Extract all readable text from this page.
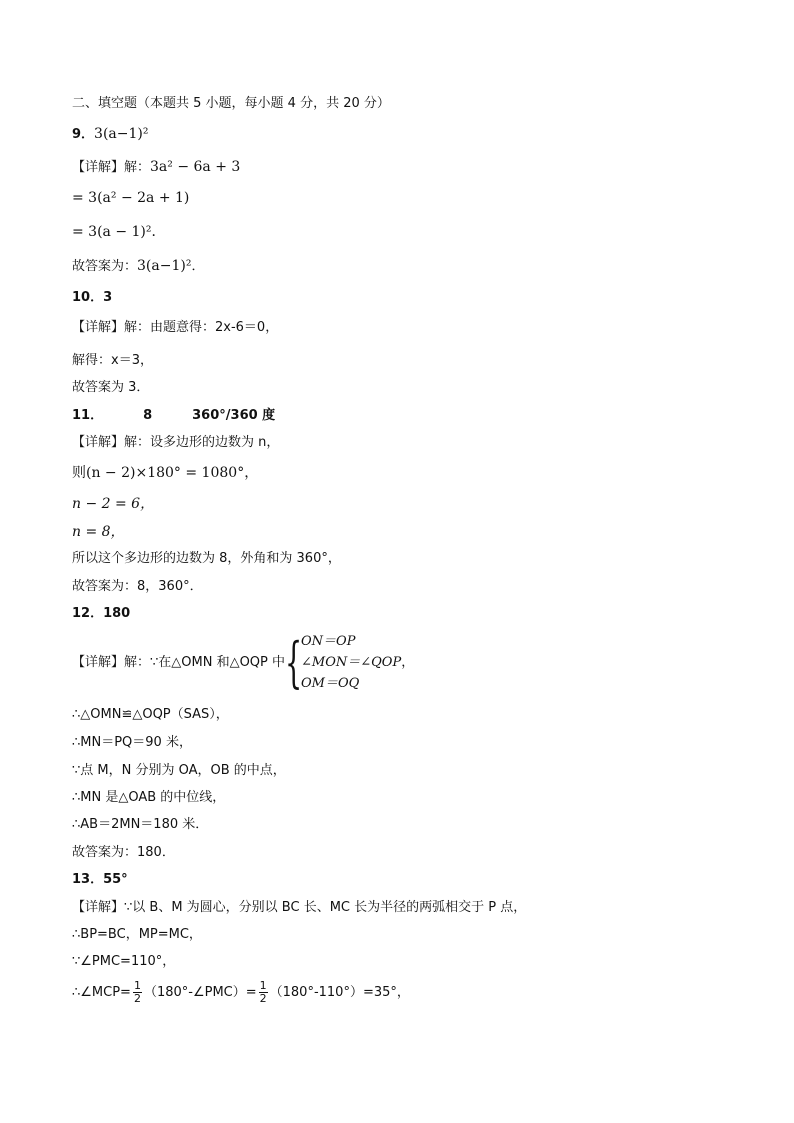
二、填空题（本题共 5 小题，每小题 4 分，共 20 分）
9．3(a−1)²
【详解】解：3a² − 6a + 3
= 3(a² − 2a + 1)
= 3(a − 1)²．
故答案为：3(a−1)²．
10．3
【详解】解：由题意得：2x-6＝0，
解得：x＝3，
故答案为 3．
11．	8	360°/360 度
【详解】解：设多边形的边数为 n，
则(n − 2)×180° = 1080°，
n − 2 = 6，
n = 8，
所以这个多边形的边数为 8，外角和为 360°，
故答案为：8，360°．
12．180
【详解】解：∵在△OMN 和△OQP 中 {
ON＝OP
∠MON＝∠QOP
OM＝OQ
，
∴△OMN≌△OQP（SAS），
∴MN＝PQ＝90 米，
∵点 M，N 分别为 OA，OB 的中点，
∴MN 是△OAB 的中位线，
∴AB＝2MN＝180 米．
故答案为：180．
13．55°
【详解】∵以 B、M 为圆心，分别以 BC 长、MC 长为半径的两弧相交于 P 点，
∴BP=BC，MP=MC，
∵∠PMC=110°，
∴∠MCP= $\frac{1}{2}$ （180°-∠PMC）= $\frac{1}{2} (180^\circ-110^\circ)=35^\circ$，
